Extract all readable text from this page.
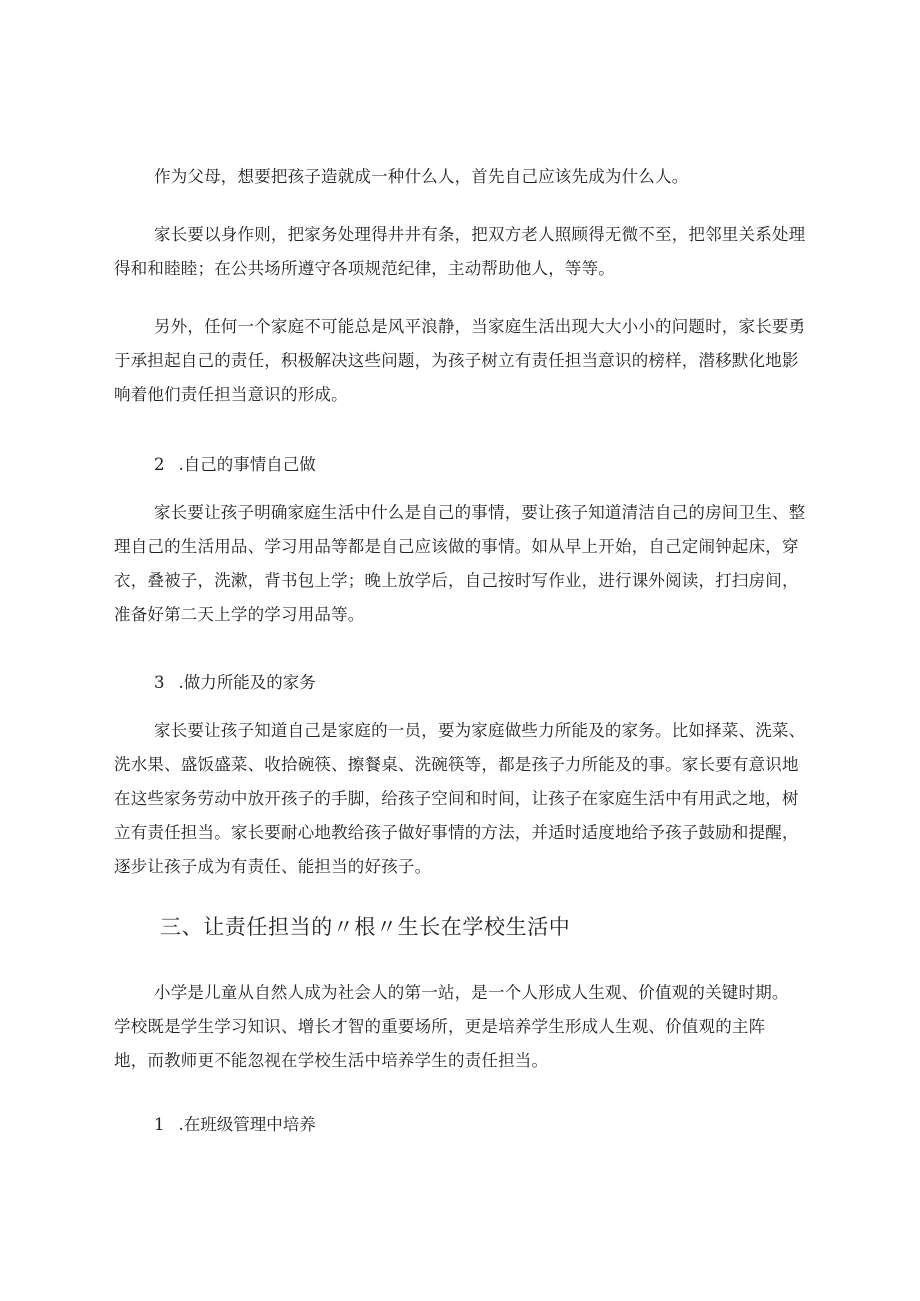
作为父母，想要把孩子造就成一种什么人，首先自己应该先成为什么人。
家长要以身作则，把家务处理得井井有条，把双方老人照顾得无微不至，把邻里关系处理
得和和睦睦；在公共场所遵守各项规范纪律，主动帮助他人，等等。
另外，任何一个家庭不可能总是风平浪静，当家庭生活出现大大小小的问题时，家长要勇
于承担起自己的责任，积极解决这些问题，为孩子树立有责任担当意识的榜样，潜移默化地影
响着他们责任担当意识的形成。
2 .自己的事情自己做
家长要让孩子明确家庭生活中什么是自己的事情，要让孩子知道清洁自己的房间卫生、整
理自己的生活用品、学习用品等都是自己应该做的事情。如从早上开始，自己定闹钟起床，穿
衣，叠被子，洗漱，背书包上学；晚上放学后，自己按时写作业，进行课外阅读，打扫房间，
准备好第二天上学的学习用品等。
3 .做力所能及的家务
家长要让孩子知道自己是家庭的一员，要为家庭做些力所能及的家务。比如择菜、洗菜、
洗水果、盛饭盛菜、收拾碗筷、擦餐桌、洗碗筷等，都是孩子力所能及的事。家长要有意识地
在这些家务劳动中放开孩子的手脚，给孩子空间和时间，让孩子在家庭生活中有用武之地，树
立有责任担当。家长要耐心地教给孩子做好事情的方法，并适时适度地给予孩子鼓励和提醒，
逐步让孩子成为有责任、能担当的好孩子。
三、让责任担当的〃根〃生长在学校生活中
小学是儿童从自然人成为社会人的第一站，是一个人形成人生观、价值观的关键时期。
学校既是学生学习知识、增长才智的重要场所，更是培养学生形成人生观、价值观的主阵
地，而教师更不能忽视在学校生活中培养学生的责任担当。
1 .在班级管理中培养
